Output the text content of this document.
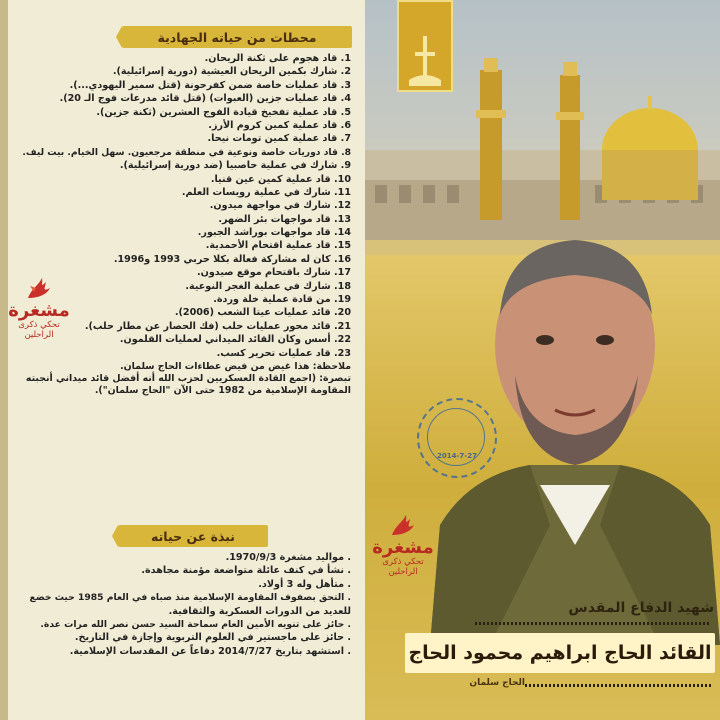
محطات من حياته الجهادية
1. قاد هجوم على ثكنة الريحان.
2. شارك بكمين الريحان العيشية (دورية إسرائيلية).
3. قاد عمليات خاصة ضمن كفرحونة (قتل سمير اليهودي...).
4. قاد عمليات جزين (العبوات) (قتل قائد مدرعات فوج الـ 20).
5. قاد عملية تفخيخ قيادة الفوج العشرين (ثكنة جزين).
6. قاد عملية كمين كروم الأرز.
7. قاد عملية كمين تومات نيحا.
8. قاد دوريات خاصة ونوعية في منطقة مرجعيون. سهل الخيام. بيت ليف.
9. شارك في عملية حاصبيا (ضد دورية إسرائيلية).
10. قاد عملية كمين عين قنيا.
11. شارك في عملية رويسات العلم.
12. شارك في مواجهة ميدون.
13. قاد مواجهات بئر الضهر.
14. قاد مواجهات بوراشد الجبور.
15. قاد عملية اقتحام الأحمدية.
16. كان له مشاركة فعالة بكلا حربي 1993 و1996.
17. شارك باقتحام موقع صيدون.
18. شارك في عملية الغجر النوعية.
19. من قادة عملية خلة وردة.
20. قائد عمليات عيتا الشعب (2006).
21. قائد محور عمليات حلب (فك الحصار عن مطار حلب).
22. أسس وكان القائد الميداني لعمليات القلمون.
23. قاد عمليات تحرير كسب.
ملاحظة: هذا غيض من فيض عطاءات الحاج سلمان.
تبصرة: (اجمع القادة العسكريين لحزب الله أنه أفضل قائد ميداني أنجبته
المقاومة الإسلامية من 1982 حتى الآن "الحاج سلمان").
نبذة عن حياته
. مواليد مشغرة 1970/9/3.
. نشأ في كنف عائلة متواضعة مؤمنة مجاهدة.
. متأهل وله 3 أولاد.
. التحق بصفوف المقاومة الإسلامية منذ صباه في العام 1985 حيث خضع
للعديد من الدورات العسكرية والثقافية.
. حائز على تنويه الأمين العام سماحة السيد حسن نصر الله مرات عدة.
. حائز على ماجستير في العلوم التربوية وإجازة في التاريخ.
. استشهد بتاريخ 2014/7/27 دفاعاً عن المقدسات الإسلامية.
مشغرة
تحكي ذكرى
الراحلين
2014-7-27
مشغرة
تحكي ذكرى
الراحلين
شهيد الدفاع المقدس
القائد الحاج ابراهيم محمود الحاج
الحاج سلمان
